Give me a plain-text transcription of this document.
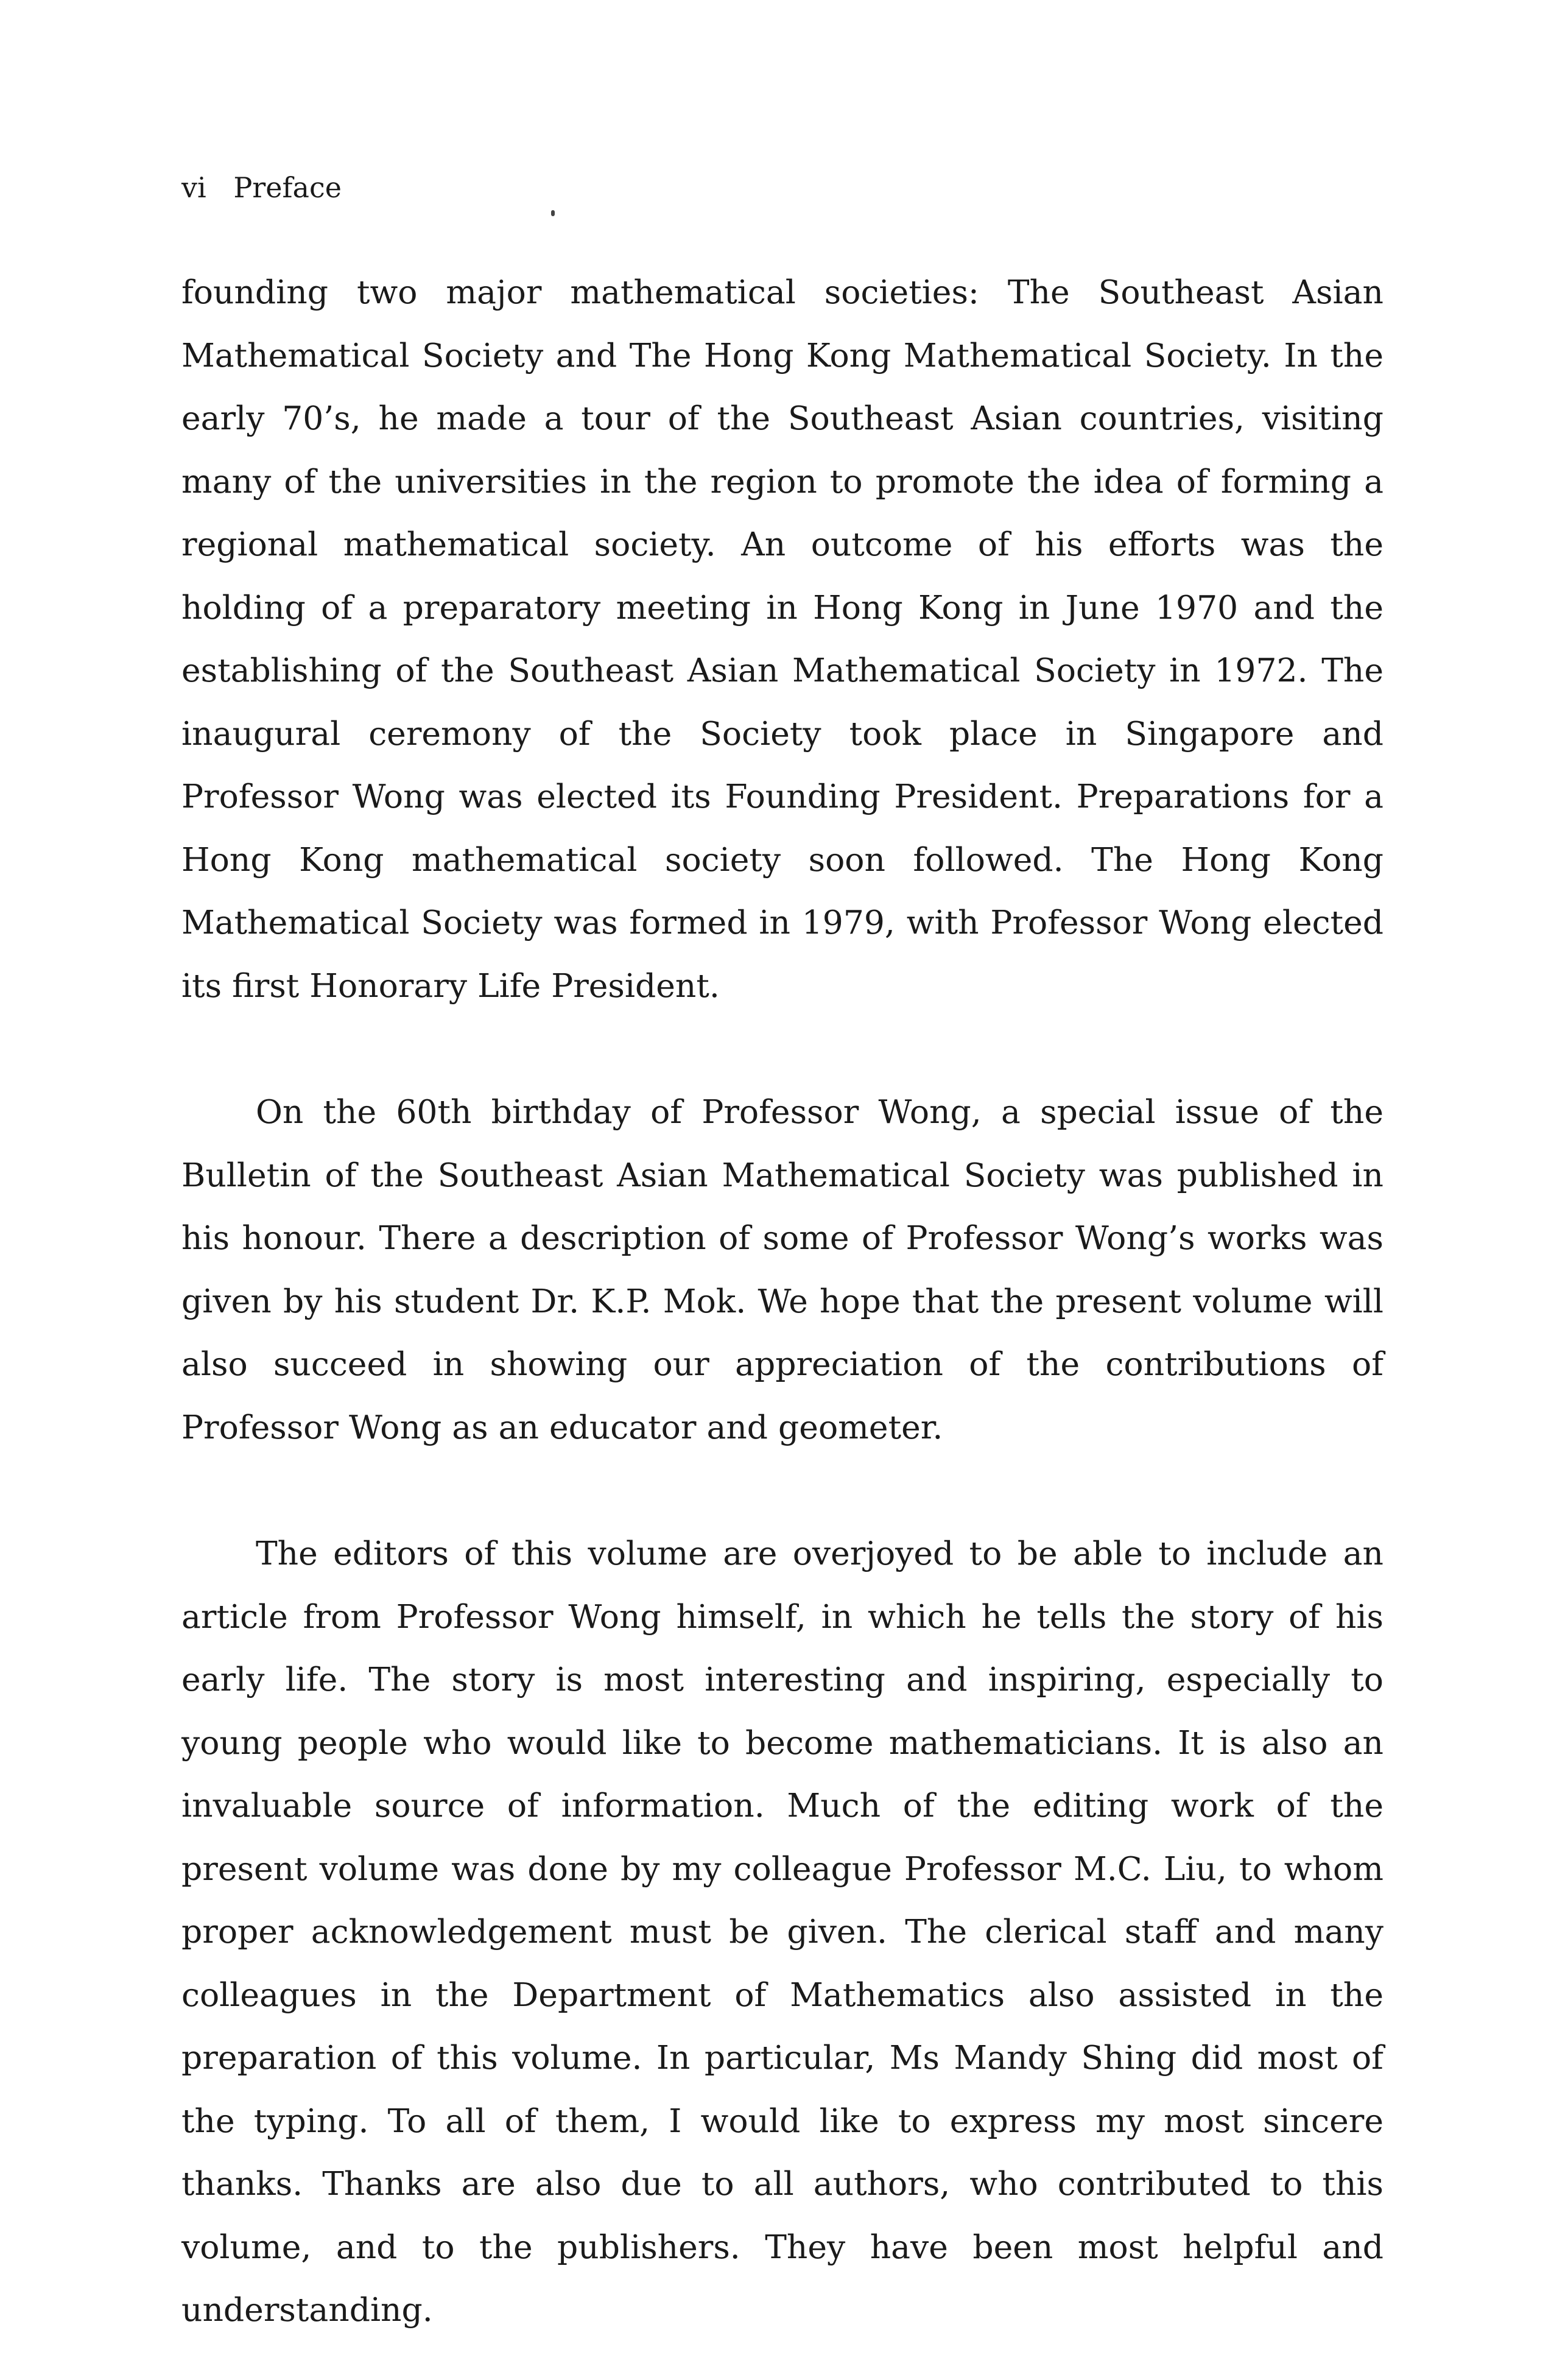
vi Preface

founding two major mathematical societies: The Southeast Asian Mathematical Society and The Hong Kong Mathematical Society. In the early 70’s, he made a tour of the Southeast Asian countries, visiting many of the universities in the region to promote the idea of forming a regional mathematical society. An outcome of his efforts was the holding of a preparatory meeting in Hong Kong in June 1970 and the establishing of the Southeast Asian Mathematical Society in 1972. The inaugural ceremony of the Society took place in Singapore and Professor Wong was elected its Founding President. Preparations for a Hong Kong mathematical society soon followed. The Hong Kong Mathematical Society was formed in 1979, with Professor Wong elected its first Honorary Life President.

On the 60th birthday of Professor Wong, a special issue of the Bulletin of the Southeast Asian Mathematical Society was published in his honour. There a description of some of Professor Wong’s works was given by his student Dr. K.P. Mok. We hope that the present volume will also succeed in showing our appreciation of the contributions of Professor Wong as an educator and geometer.

The editors of this volume are overjoyed to be able to include an article from Professor Wong himself, in which he tells the story of his early life. The story is most interesting and inspiring, especially to young people who would like to become mathematicians. It is also an invaluable source of information. Much of the editing work of the present volume was done by my colleague Professor M.C. Liu, to whom proper acknowledgement must be given. The clerical staff and many colleagues in the Department of Mathematics also assisted in the preparation of this volume. In particular, Ms Mandy Shing did most of the typing. To all of them, I would like to express my most sincere thanks. Thanks are also due to all authors, who contributed to this volume, and to the publishers. They have been most helpful and understanding.
